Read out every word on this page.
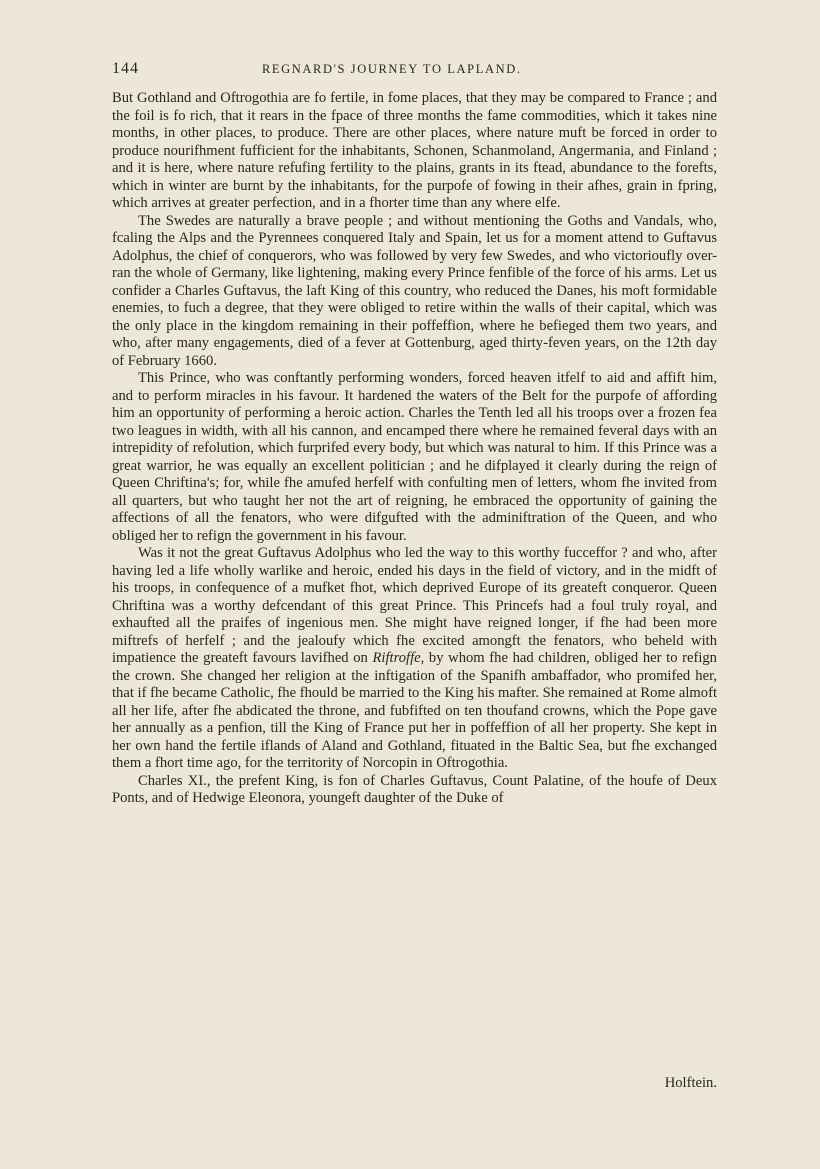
144	REGNARD'S JOURNEY TO LAPLAND.

But Gothland and Oftrogothia are fo fertile, in fome places, that they may be compared to France ; and the foil is fo rich, that it rears in the fpace of three months the fame commodities, which it takes nine months, in other places, to produce. There are other places, where nature muft be forced in order to produce nourifhment fufficient for the inhabitants, Schonen, Schanmoland, Angermania, and Finland ; and it is here, where nature refufing fertility to the plains, grants in its ftead, abundance to the forefts, which in winter are burnt by the inhabitants, for the purpofe of fowing in their afhes, grain in fpring, which arrives at greater perfection, and in a fhorter time than any where elfe.

The Swedes are naturally a brave people ; and without mentioning the Goths and Vandals, who, fcaling the Alps and the Pyrennees conquered Italy and Spain, let us for a moment attend to Guftavus Adolphus, the chief of conquerors, who was followed by very few Swedes, and who victorioufly over-ran the whole of Germany, like lightening, making every Prince fenfible of the force of his arms. Let us confider a Charles Guftavus, the laft King of this country, who reduced the Danes, his moft formidable enemies, to fuch a degree, that they were obliged to retire within the walls of their capital, which was the only place in the kingdom remaining in their poffeffion, where he befieged them two years, and who, after many engagements, died of a fever at Gottenburg, aged thirty-feven years, on the 12th day of February 1660.

This Prince, who was conftantly performing wonders, forced heaven itfelf to aid and affift him, and to perform miracles in his favour. It hardened the waters of the Belt for the purpofe of affording him an opportunity of performing a heroic action. Charles the Tenth led all his troops over a frozen fea two leagues in width, with all his cannon, and encamped there where he remained feveral days with an intrepidity of refolution, which furprifed every body, but which was natural to him. If this Prince was a great warrior, he was equally an excellent politician ; and he difplayed it clearly during the reign of Queen Chriftina's; for, while fhe amufed herfelf with confulting men of letters, whom fhe invited from all quarters, but who taught her not the art of reigning, he embraced the opportunity of gaining the affections of all the fenators, who were difgufted with the adminiftration of the Queen, and who obliged her to refign the government in his favour.

Was it not the great Guftavus Adolphus who led the way to this worthy fucceffor ? and who, after having led a life wholly warlike and heroic, ended his days in the field of victory, and in the midft of his troops, in confequence of a mufket fhot, which deprived Europe of its greateft conqueror. Queen Chriftina was a worthy defcendant of this great Prince. This Princefs had a foul truly royal, and exhaufted all the praifes of ingenious men. She might have reigned longer, if fhe had been more miftrefs of herfelf ; and the jealoufy which fhe excited amongft the fenators, who beheld with impatience the greateft favours lavifhed on Riftroffe, by whom fhe had children, obliged her to refign the crown. She changed her religion at the inftigation of the Spanifh ambaffador, who promifed her, that if fhe became Catholic, fhe fhould be married to the King his mafter. She remained at Rome almoft all her life, after fhe abdicated the throne, and fubfifted on ten thoufand crowns, which the Pope gave her annually as a penfion, till the King of France put her in poffeffion of all her property. She kept in her own hand the fertile iflands of Aland and Gothland, fituated in the Baltic Sea, but fhe exchanged them a fhort time ago, for the territority of Norcopin in Oftrogothia.

Charles XI., the prefent King, is fon of Charles Guftavus, Count Palatine, of the houfe of Deux Ponts, and of Hedwige Eleonora, youngeft daughter of the Duke of

Holftein.
